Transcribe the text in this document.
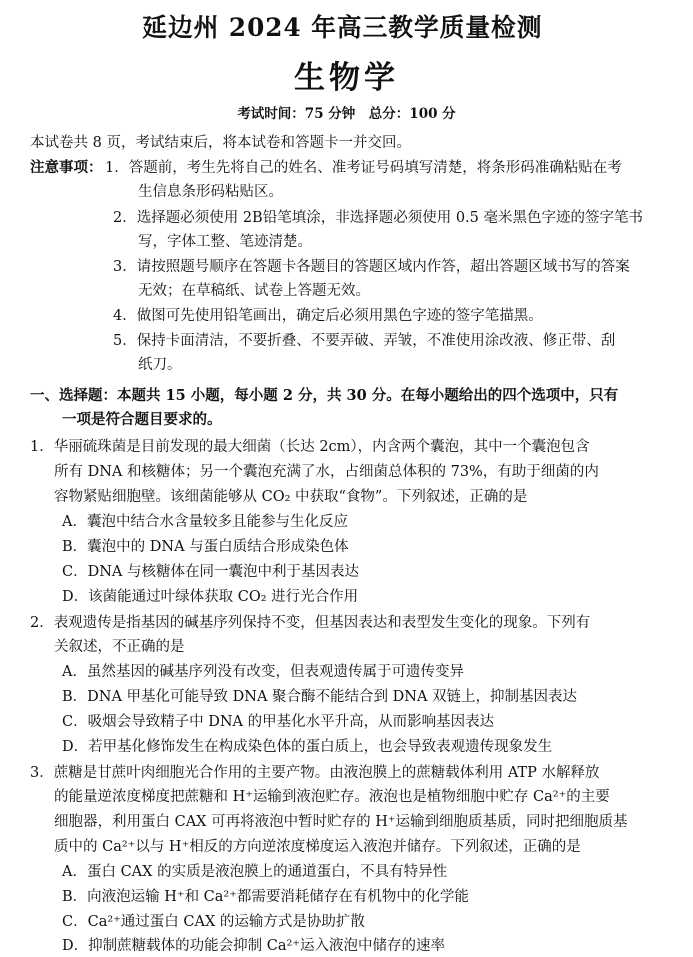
延边州 2024 年高三教学质量检测
生物学
考试时间：75 分钟　总分：100 分
本试卷共 8 页，考试结束后，将本试卷和答题卡一并交回。
注意事项： 1．答题前，考生先将自己的姓名、准考证号码填写清楚，将条形码准确粘贴在考
生信息条形码粘贴区。
2．选择题必须使用 2B铅笔填涂，非选择题必须使用 0.5 毫米黑色字迹的签字笔书
写，字体工整、笔迹清楚。
3．请按照题号顺序在答题卡各题目的答题区域内作答，超出答题区域书写的答案
无效；在草稿纸、试卷上答题无效。
4．做图可先使用铅笔画出，确定后必须用黑色字迹的签字笔描黑。
5．保持卡面清洁，不要折叠、不要弄破、弄皱，不准使用涂改液、修正带、刮
纸刀。
一、选择题：本题共 15 小题，每小题 2 分，共 30 分。在每小题给出的四个选项中，只有
一项是符合题目要求的。
1．华丽硫珠菌是目前发现的最大细菌（长达 2cm），内含两个囊泡，其中一个囊泡包含
所有 DNA 和核糖体；另一个囊泡充满了水，占细菌总体积的 73%，有助于细菌的内
容物紧贴细胞壁。该细菌能够从 CO₂ 中获取“食物”。下列叙述，正确的是
A．囊泡中结合水含量较多且能参与生化反应
B．囊泡中的 DNA 与蛋白质结合形成染色体
C．DNA 与核糖体在同一囊泡中利于基因表达
D．该菌能通过叶绿体获取 CO₂ 进行光合作用
2．表观遗传是指基因的碱基序列保持不变，但基因表达和表型发生变化的现象。下列有
关叙述，不正确的是
A．虽然基因的碱基序列没有改变，但表观遗传属于可遗传变异
B．DNA 甲基化可能导致 DNA 聚合酶不能结合到 DNA 双链上，抑制基因表达
C．吸烟会导致精子中 DNA 的甲基化水平升高，从而影响基因表达
D．若甲基化修饰发生在构成染色体的蛋白质上，也会导致表观遗传现象发生
3．蔗糖是甘蔗叶肉细胞光合作用的主要产物。由液泡膜上的蔗糖载体利用 ATP 水解释放
的能量逆浓度梯度把蔗糖和 H⁺运输到液泡贮存。液泡也是植物细胞中贮存 Ca²⁺的主要
细胞器，利用蛋白 CAX 可再将液泡中暂时贮存的 H⁺运输到细胞质基质，同时把细胞质基
质中的 Ca²⁺以与 H⁺相反的方向逆浓度梯度运入液泡并储存。下列叙述，正确的是
A．蛋白 CAX 的实质是液泡膜上的通道蛋白，不具有特异性
B．向液泡运输 H⁺和 Ca²⁺都需要消耗储存在有机物中的化学能
C．Ca²⁺通过蛋白 CAX 的运输方式是协助扩散
D．抑制蔗糖载体的功能会抑制 Ca²⁺运入液泡中储存的速率
